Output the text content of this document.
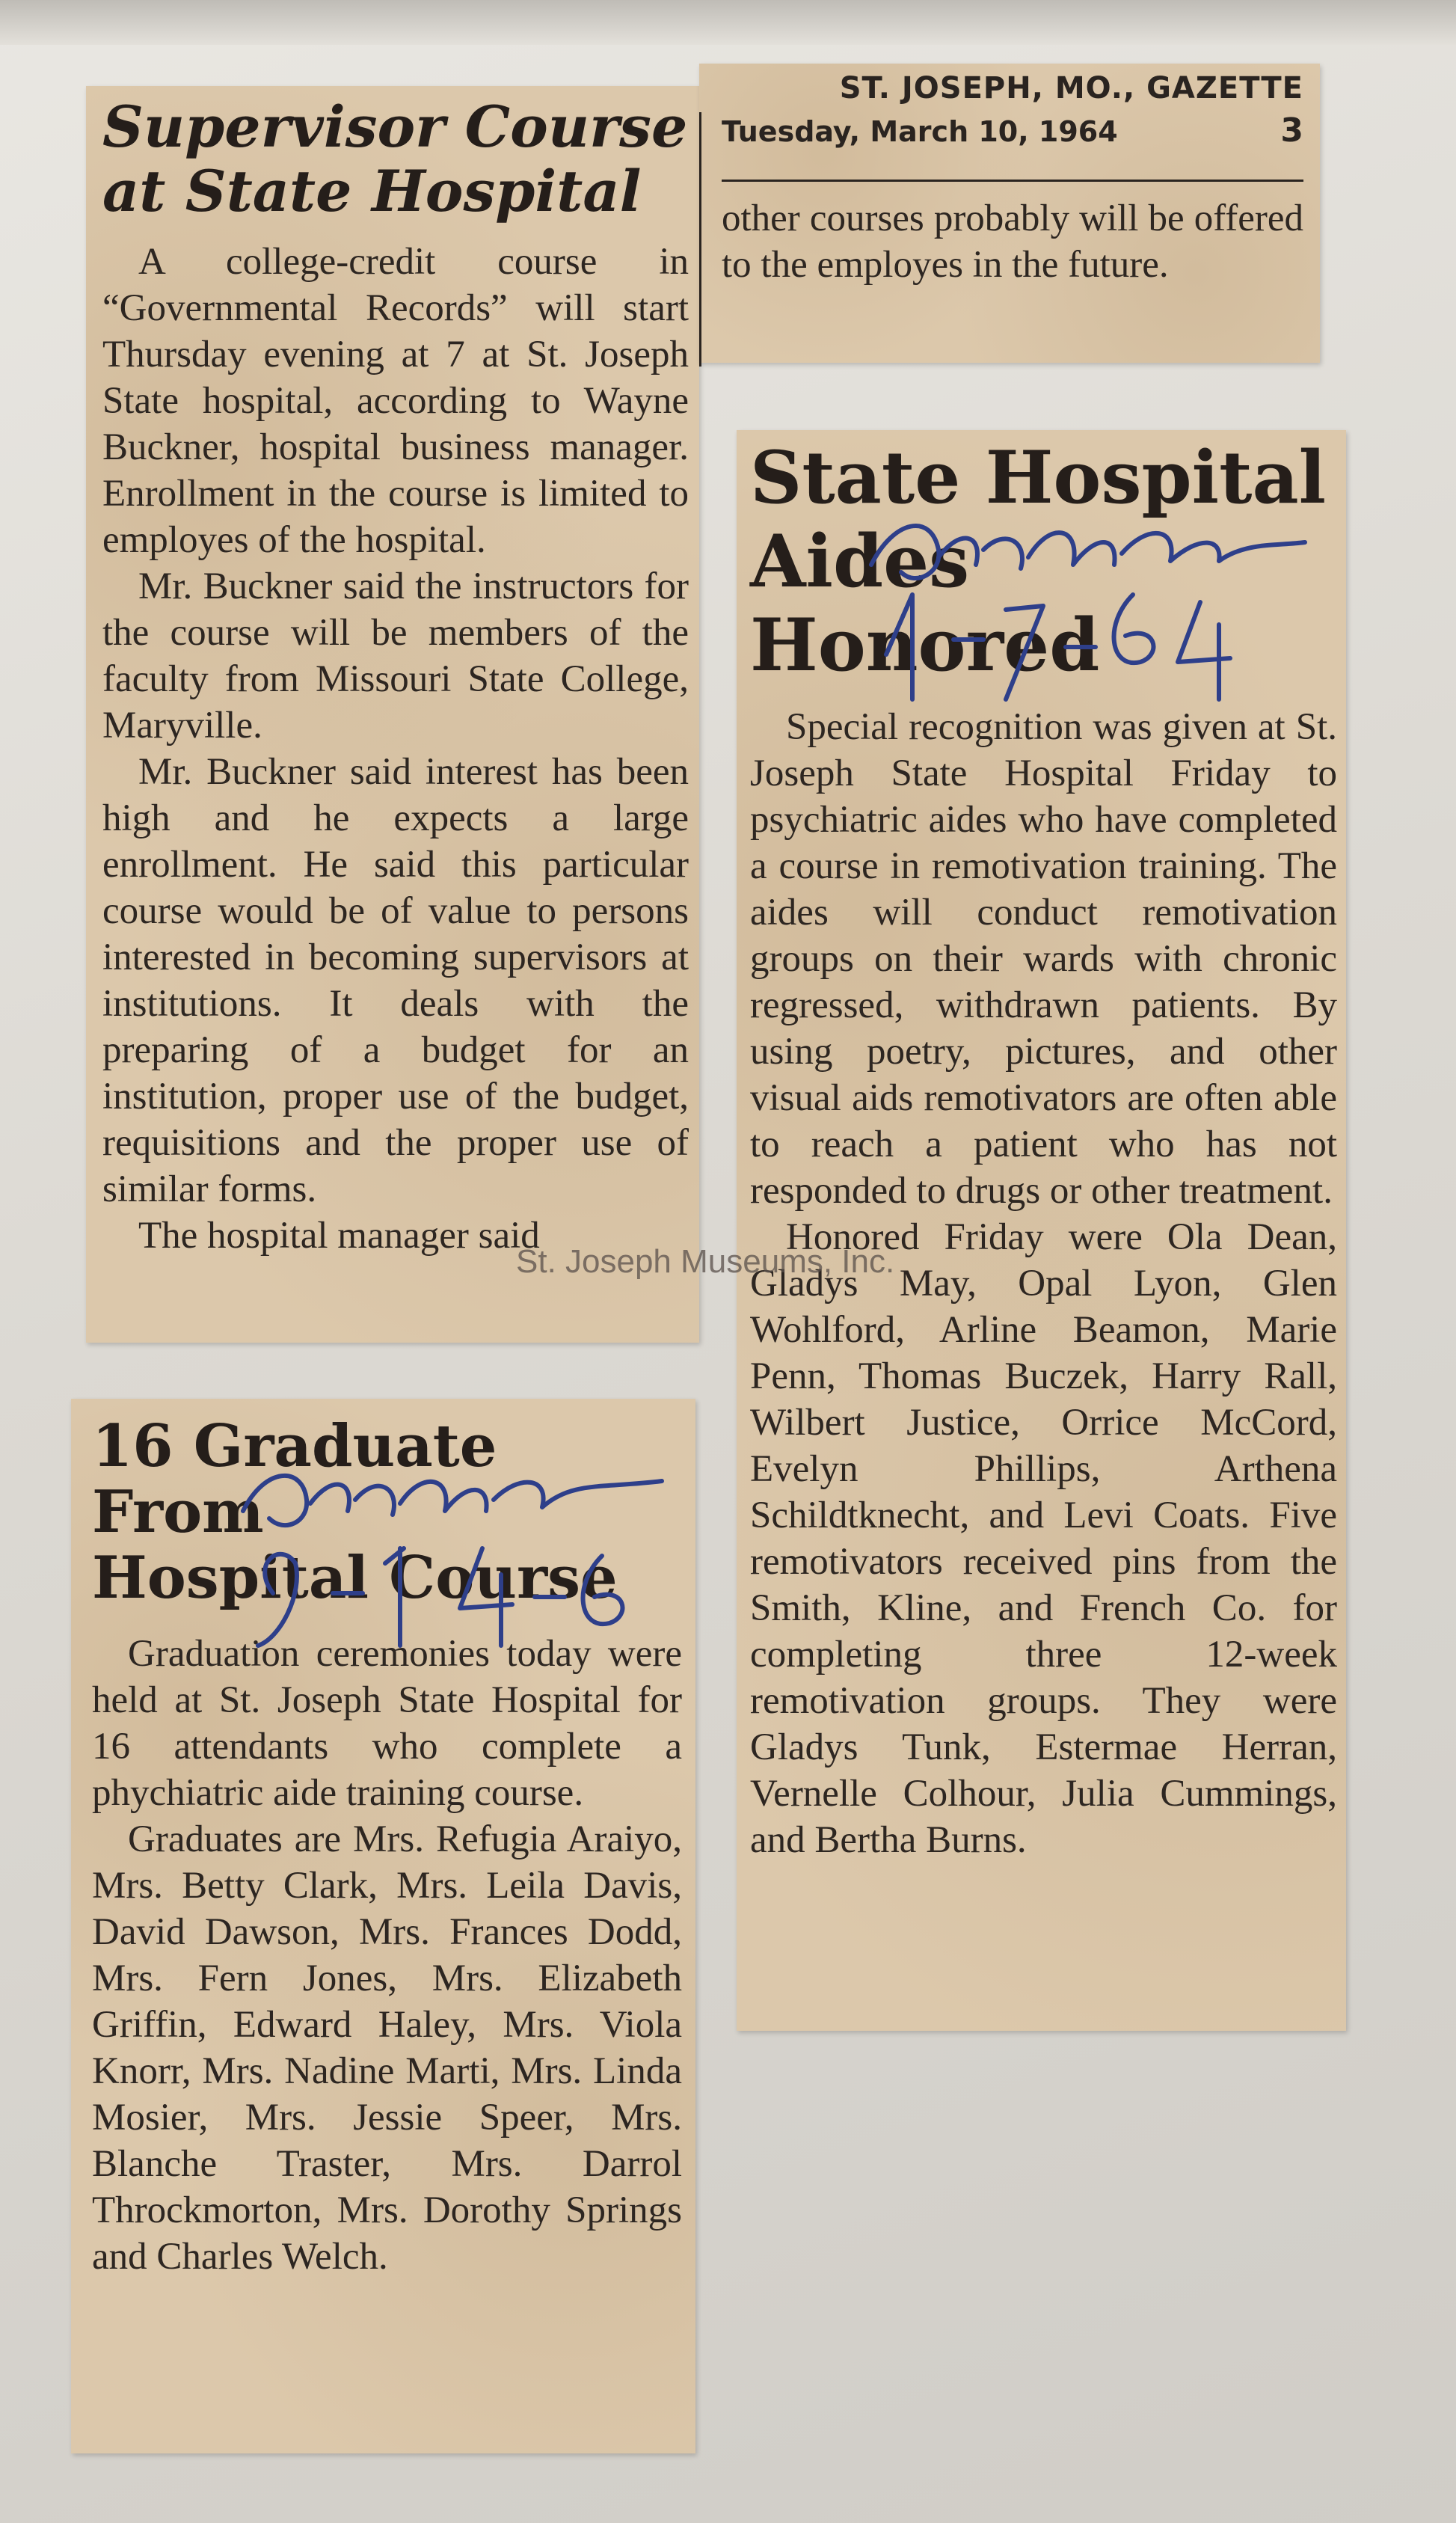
Supervisor Course
at State Hospital

A college-credit course in “Governmental Records” will start Thursday evening at 7 at St. Joseph State hospital, according to Wayne Buckner, hospital business manager. Enrollment in the course is limited to employes of the hospital.

Mr. Buckner said the instructors for the course will be members of the faculty from Missouri State College, Maryville.

Mr. Buckner said interest has been high and he expects a large enrollment. He said this particular course would be of value to persons interested in becoming supervisors at institutions. It deals with the preparing of a budget for an institution, proper use of the budget, requisitions and the proper use of similar forms.

The hospital manager said

ST. JOSEPH, MO., GAZETTE
Tuesday, March 10, 1964	3

other courses probably will be offered to the employes in the future.

State Hospital
Aides Honored

Special recognition was given at St. Joseph State Hospital Friday to psychiatric aides who have completed a course in remotivation training. The aides will conduct remotivation groups on their wards with chronic regressed, withdrawn patients. By using poetry, pictures, and other visual aids remotivators are often able to reach a patient who has not responded to drugs or other treatment.

Honored Friday were Ola Dean, Gladys May, Opal Lyon, Glen Wohlford, Arline Beamon, Marie Penn, Thomas Buczek, Harry Rall, Wilbert Justice, Orrice McCord, Evelyn Phillips, Arthena Schildtknecht, and Levi Coats. Five remotivators received pins from the Smith, Kline, and French Co. for completing three 12-week remotivation groups. They were Gladys Tunk, Estermae Herran, Vernelle Colhour, Julia Cummings, and Bertha Burns.

16 Graduate From
Hospital Course

Graduation ceremonies today were held at St. Joseph State Hospital for 16 attendants who complete a phychiatric aide training course.

Graduates are Mrs. Refugia Araiyo, Mrs. Betty Clark, Mrs. Leila Davis, David Dawson, Mrs. Frances Dodd, Mrs. Fern Jones, Mrs. Elizabeth Griffin, Edward Haley, Mrs. Viola Knorr, Mrs. Nadine Marti, Mrs. Linda Mosier, Mrs. Jessie Speer, Mrs. Blanche Traster, Mrs. Darrol Throckmorton, Mrs. Dorothy Springs and Charles Welch.

St. Joseph Museums, Inc.
